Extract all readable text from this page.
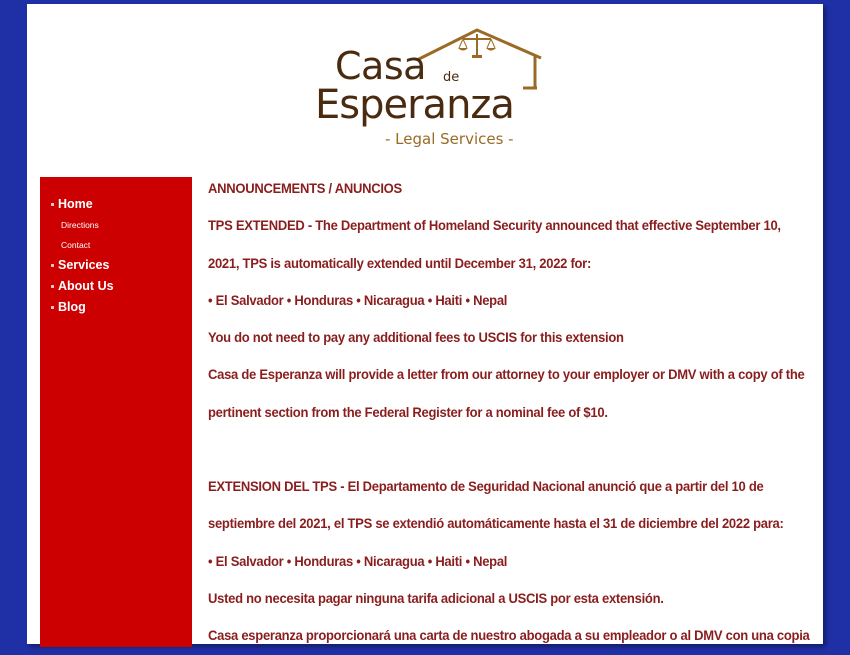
Casa de
Esperanza
- Legal Services -
Home
Directions
Contact
Services
About Us
Blog

ANNOUNCEMENTS / ANUNCIOS

TPS EXTENDED - The Department of Homeland Security announced that effective September 10,

2021, TPS is automatically extended until December 31, 2022 for:

• El Salvador • Honduras • Nicaragua • Haiti • Nepal

You do not need to pay any additional fees to USCIS for this extension

Casa de Esperanza will provide a letter from our attorney to your employer or DMV with a copy of the

pertinent section from the Federal Register for a nominal fee of $10.

EXTENSION DEL TPS - El Departamento de Seguridad Nacional anunció que a partir del 10 de

septiembre del 2021, el TPS se extendió automáticamente hasta el 31 de diciembre del 2022 para:

• El Salvador • Honduras • Nicaragua • Haiti • Nepal

Usted no necesita pagar ninguna tarifa adicional a USCIS por esta extensión.

Casa esperanza proporcionará una carta de nuestro abogada a su empleador o al DMV con una copia
